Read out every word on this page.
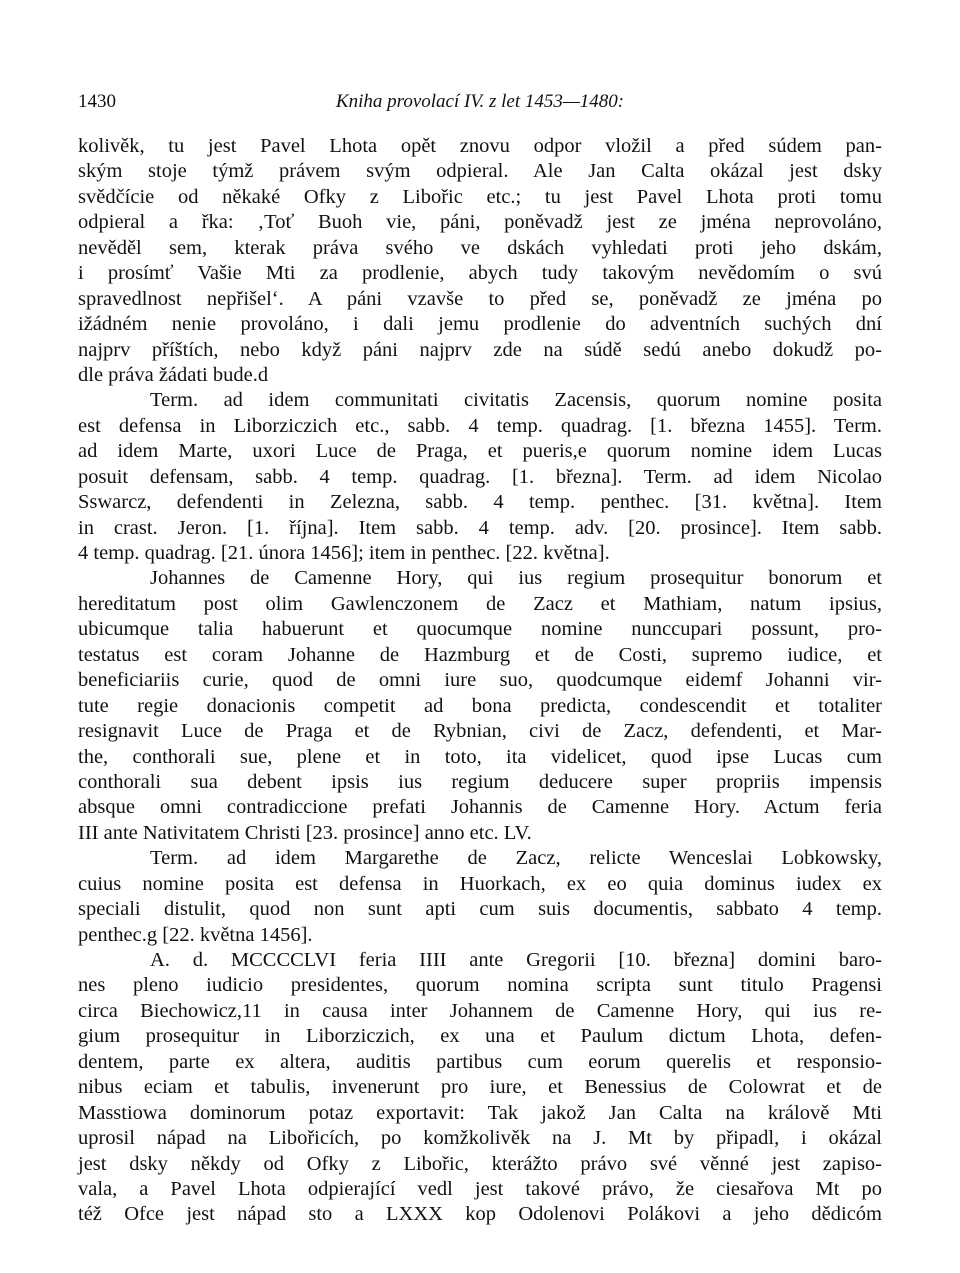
1430	Kniha provolací IV. z let 1453—1480:
kolivěk, tu jest Pavel Lhota opět znovu odpor vložil a před súdem pan-
ským stoje týmž právem svým odpieral. Ale Jan Calta okázal jest dsky
svědčície od někaké Ofky z Libořic etc.; tu jest Pavel Lhota proti tomu
odpieral a řka: ‚Toť Buoh vie, páni, poněvadž jest ze jména neprovoláno,
nevěděl sem, kterak práva svého ve dskách vyhledati proti jeho dskám,
i prosímť Vašie Mti za prodlenie, abych tudy takovým nevědomím o svú
spravedlnost nepřišel‘. A páni vzavše to před se, poněvadž ze jména po
ižádném nenie provoláno, i dali jemu prodlenie do adventních suchých dní
najprv příštích, nebo když páni najprv zde na súdě sedú anebo dokudž po-
dle práva žádati bude.d
Term. ad idem communitati civitatis Zacensis, quorum nomine posita
est defensa in Liborziczich etc., sabb. 4 temp. quadrag. [1. března 1455]. Term.
ad idem Marte, uxori Luce de Praga, et pueris,e quorum nomine idem Lucas
posuit defensam, sabb. 4 temp. quadrag. [1. března]. Term. ad idem Nicolao
Sswarcz, defendenti in Zelezna, sabb. 4 temp. penthec. [31. května]. Item
in crast. Jeron. [1. října]. Item sabb. 4 temp. adv. [20. prosince]. Item sabb.
4 temp. quadrag. [21. února 1456]; item in penthec. [22. května].
Johannes de Camenne Hory, qui ius regium prosequitur bonorum et
hereditatum post olim Gawlenczonem de Zacz et Mathiam, natum ipsius,
ubicumque talia habuerunt et quocumque nomine nunccupari possunt, pro-
testatus est coram Johanne de Hazmburg et de Costi, supremo iudice, et
beneficiariis curie, quod de omni iure suo, quodcumque eidemf Johanni vir-
tute regie donacionis competit ad bona predicta, condescendit et totaliter
resignavit Luce de Praga et de Rybnian, civi de Zacz, defendenti, et Mar-
the, conthorali sue, plene et in toto, ita videlicet, quod ipse Lucas cum
conthorali sua debent ipsis ius regium deducere super propriis impensis
absque omni contradiccione prefati Johannis de Camenne Hory. Actum feria
III ante Nativitatem Christi [23. prosince] anno etc. LV.
Term. ad idem Margarethe de Zacz, relicte Wenceslai Lobkowsky,
cuius nomine posita est defensa in Huorkach, ex eo quia dominus iudex ex
speciali distulit, quod non sunt apti cum suis documentis, sabbato 4 temp.
penthec.g [22. května 1456].
A. d. MCCCCLVI feria IIII ante Gregorii [10. března] domini baro-
nes pleno iudicio presidentes, quorum nomina scripta sunt titulo Pragensi
circa Biechowicz,11 in causa inter Johannem de Camenne Hory, qui ius re-
gium prosequitur in Liborziczich, ex una et Paulum dictum Lhota, defen-
dentem, parte ex altera, auditis partibus cum eorum querelis et responsio-
nibus eciam et tabulis, invenerunt pro iure, et Benessius de Colowrat et de
Masstiowa dominorum potaz exportavit: Tak jakož Jan Calta na králově Mti
uprosil nápad na Libořicích, po komžkolivěk na J. Mt by připadl, i okázal
jest dsky někdy od Ofky z Libořic, kterážto právo své věnné jest zapiso-
vala, a Pavel Lhota odpierající vedl jest takové právo, že ciesařova Mt po
též Ofce jest nápad sto a LXXX kop Odolenovi Polákovi a jeho dědicóm
